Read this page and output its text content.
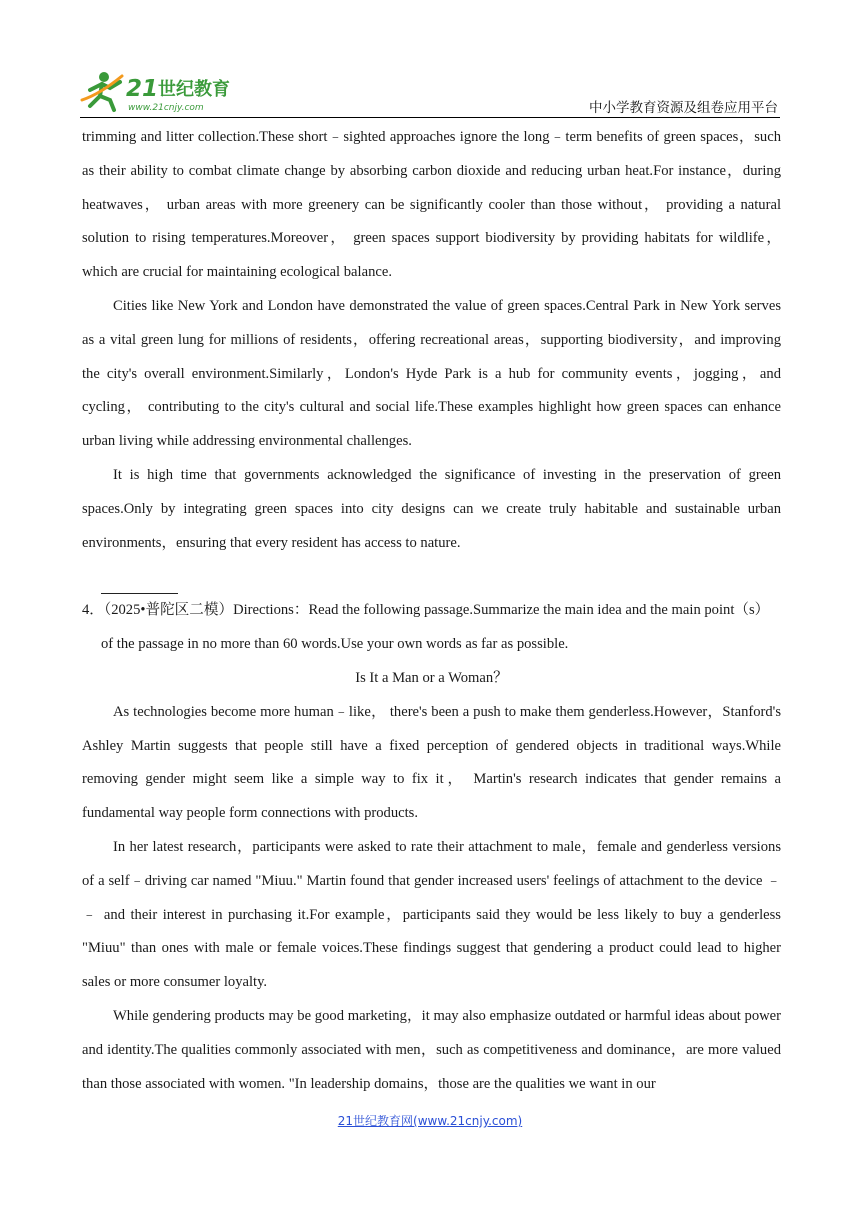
21 世纪教育
www.21cnjy.com	中小学教育资源及组卷应用平台

trimming and litter collection.These short﹣sighted approaches ignore the long﹣term benefits of green spaces，such as their ability to combat climate change by absorbing carbon dioxide and reducing urban heat.For instance，during heatwaves， urban areas with more greenery can be significantly cooler than those without， providing a natural solution to rising temperatures.Moreover， green spaces support biodiversity by providing habitats for wildlife，which are crucial for maintaining ecological balance.

Cities like New York and London have demonstrated the value of green spaces.Central Park in New York serves as a vital green lung for millions of residents，offering recreational areas，supporting biodiversity，and improving the city's overall environment.Similarly，London's Hyde Park is a hub for community events，jogging，and cycling， contributing to the city's cultural and social life.These examples highlight how green spaces can enhance urban living while addressing environmental challenges.

It is high time that governments acknowledged the significance of investing in the preservation of green spaces.Only by integrating green spaces into city designs can we create truly habitable and sustainable urban environments，ensuring that every resident has access to nature.

4．（2025•普陀区二模）Directions：Read the following passage.Summarize the main idea and the main point（s）

of the passage in no more than 60 words.Use your own words as far as possible.

Is It a Man or a Woman？

As technologies become more human﹣like， there's been a push to make them genderless.However，Stanford's Ashley Martin suggests that people still have a fixed perception of gendered objects in traditional ways.While removing gender might seem like a simple way to fix it， Martin's research indicates that gender remains a fundamental way people form connections with products.

In her latest research，participants were asked to rate their attachment to male，female and genderless versions of a self﹣driving car named "Miuu." Martin found that gender increased users' feelings of attachment to the device ﹣﹣ and their interest in purchasing it.For example，participants said they would be less likely to buy a genderless "Miuu" than ones with male or female voices.These findings suggest that gendering a product could lead to higher sales or more consumer loyalty.

While gendering products may be good marketing，it may also emphasize outdated or harmful ideas about power and identity.The qualities commonly associated with men，such as competitiveness and dominance，are more valued than those associated with women. "In leadership domains，those are the qualities we want in our

21世纪教育网(www.21cnjy.com)
